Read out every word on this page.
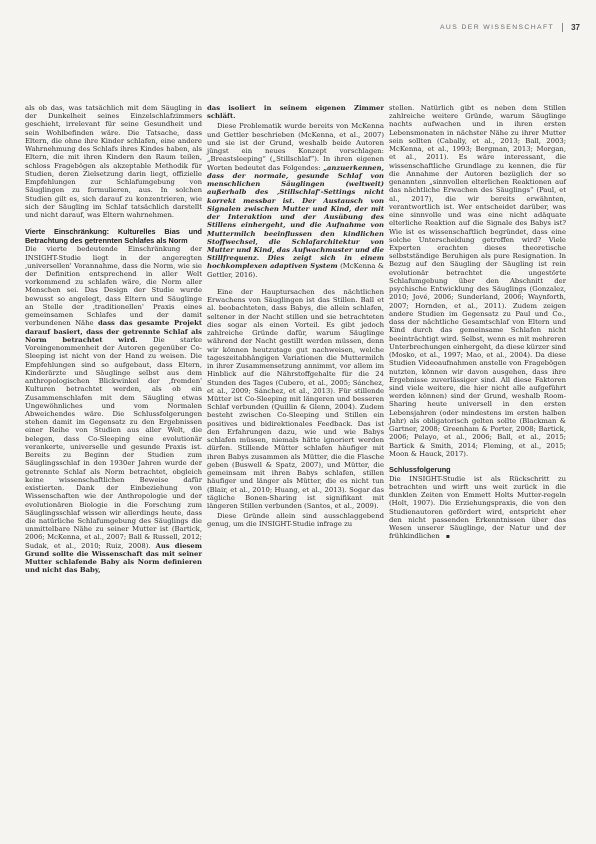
AUS DER WISSENSCHAFT 37

als ob das, was tatsächlich mit dem Säugling in der Dunkelheit seines Einzelschlafzimmers geschieht, irrelevant für seine Gesundheit und sein Wohlbefinden wäre. Die Tatsache, dass Eltern, die ohne ihre Kinder schlafen, eine andere Wahrnehmung des Schlafs ihres Kindes haben, als Eltern, die mit ihren Kindern den Raum teilen, schloss Fragebögen als akzeptable Methodik für Studien, deren Zielsetzung darin liegt, offizielle Empfehlungen zur Schlafumgebung von Säuglingen zu formulieren, aus. In solchen Studien gilt es, sich darauf zu konzentrieren, wie sich der Säugling im Schlaf tatsächlich darstellt und nicht darauf, was Eltern wahrnehmen.

Vierte Einschränkung: Kulturelles Bias und Betrachtung des getrennten Schlafes als Norm

Die vierte bedeutende Einschränkung der INSIGHT-Studie liegt in der angeregten ‚universellen' Vorannahme, dass die Norm, wie sie der Definition entsprechend in aller Welt vorkommend zu schlafen wäre, die Norm aller Menschen sei. Das Design der Studie wurde bewusst so angelegt, dass Eltern und Säuglinge an Stelle der ‚traditionellen' Praxis eines gemeinsamen Schlafes und der damit verbundenen Nähe dass das gesamte Projekt darauf basiert, dass der getrennte Schlaf als Norm betrachtet wird. Die starke Voreingenommenheit der Autoren gegenüber Co-Sleeping ist nicht von der Hand zu weisen. Die Empfehlungen sind so aufgebaut, dass Eltern, Kinderärzte und Säuglinge selbst aus dem anthropologischen Blickwinkel der ‚fremden' Kulturen betrachtet werden, als ob ein Zusammenschlafen mit dem Säugling etwas Ungewöhnliches und vom Normalen Abweichendes wäre. Die Schlussfolgerungen stehen damit im Gegensatz zu den Ergebnissen einer Reihe von Studien aus aller Welt, die belegen, dass Co-Sleeping eine evolutionär verankerte, universelle und gesunde Praxis ist. Bereits zu Beginn der Studien zum Säuglingsschlaf in den 1930er Jahren wurde der getrennte Schlaf als Norm betrachtet, obgleich keine wissenschaftlichen Beweise dafür existierten. Dank der Einbeziehung von Wissenschaften wie der Anthropologie und der evolutionären Biologie in die Forschung zum Säuglingsschlaf wissen wir allerdings heute, dass die natürliche Schlafumgebung des Säuglings die unmittelbare Nähe zu seiner Mutter ist (Bartick, 2006; McKenna, et al., 2007; Ball & Russell, 2012; Sudak, et al., 2010; Ruiz, 2008). Aus diesem Grund sollte die Wissenschaft das mit seiner Mutter schlafende Baby als Norm definieren und nicht das Baby,

das isoliert in seinem eigenen Zimmer schläft.

Diese Problematik wurde bereits von McKenna und Gettler beschrieben (McKenna, et al., 2007) und sie ist der Grund, weshalb beide Autoren jüngst ein neues Konzept vorschlagen: „Breastsleeping“ („Stillschlaf“). In ihren eigenen Worten bedeutet das Folgendes: „anzuerkennen, dass der normale, gesunde Schlaf von menschlichen Säuglingen (weltweit) außerhalb des ‚Stillschlaf‘-Settings nicht korrekt messbar ist. Der Austausch von Signalen zwischen Mutter und Kind, der mit der Interaktion und der Ausübung des Stillens einhergeht, und die Aufnahme von Muttermilch beeinflussen den kindlichen Stoffwechsel, die Schlafarchitektur von Mutter und Kind, das Aufwachmuster und die Stillfrequenz. Dies zeigt sich in einem hochkomplexen adaptiven System (McKenna & Gettler, 2016).

Eine der Hauptursachen des nächtlichen Erwachens von Säuglingen ist das Stillen. Ball et al. beobachteten, dass Babys, die allein schlafen, seltener in der Nacht stillen und sie betrachteten dies sogar als einen Vorteil. Es gibt jedoch zahlreiche Gründe dafür, warum Säuglinge während der Nacht gestillt werden müssen, denn wir können heutzutage gut nachweisen, welche tageszeitabhängigen Variationen die Muttermilch in ihrer Zusammensetzung annimmt, vor allem im Hinblick auf die Nährstoffgehalte für die 24 Stunden des Tages (Cubero, et al., 2005; Sánchez, et al., 2009; Sánchez, et al., 2013). Für stillende Mütter ist Co-Sleeping mit längeren und besseren Schlaf verbunden (Quillin & Glenn, 2004). Zudem besteht zwischen Co-Sleeping und Stillen ein positives und bidirektionales Feedback. Das ist den Erfahrungen dazu, wie und wie Babys schlafen müssen, niemals hätte ignoriert werden dürfen. Stillende Mütter schlafen häufiger mit ihren Babys zusammen als Mütter, die die Flasche geben (Buswell & Spatz, 2007), und Mütter, die gemeinsam mit ihren Babys schlafen, stillen häufiger und länger als Mütter, die es nicht tun (Blair, et al., 2010; Huang, et al., 2013). Sogar das tägliche Bonen-Sharing ist signifikant mit längeren Stillen verbunden (Santos, et al., 2009).

Diese Gründe allein sind ausschlaggebend genug, um die INSIGHT-Studie infrage zu

stellen. Natürlich gibt es neben dem Stillen zahlreiche weitere Gründe, warum Säuglinge nachts aufwachen und in ihren ersten Lebensmonaten in nächster Nähe zu ihrer Mutter sein sollten (Cabally, et al., 2013; Ball, 2003; McKenna, et al., 1993; Bergman, 2013; Morgan, et al., 2011). Es wäre interessant, die wissenschaftliche Grundlage zu kennen, die für die Annahme der Autoren bezüglich der so genannten „sinnvollen elterlichen Reaktionen auf das nächtliche Erwachen des Säuglings“ (Paul, et al., 2017), die wir bereits erwähnten, verantwortlich ist. Wer entscheidet darüber, was eine sinnvolle und was eine nicht adäquate elterliche Reaktion auf die Signale des Babys ist? Wie ist es wissenschaftlich begründet, dass eine solche Unterscheidung getroffen wird? Viele Experten erachten dieses theoretische selbstständige Beruhigen als pure Resignation. In Bezug auf den Säugling der Säugling ist rein evolutionär betrachtet die ungestörte Schlafumgebung über den Abschnitt der psychische Entwicklung des Säuglings (Gonzalez, 2010; Jové, 2006; Sunderland, 2006; Waynforth, 2007; Hornden, et al., 2011). Zudem zeigen andere Studien im Gegensatz zu Paul und Co., dass der nächtliche Gesamtschlaf von Eltern und Kind durch das gemeinsame Schlafen nicht beeinträchtigt wird. Selbst, wenn es mit mehreren Unterbrechungen einhergeht, da diese kürzer sind (Mosko, et al., 1997; Mao, et al., 2004). Da diese Studien Videoaufnahmen anstelle von Fragebögen nutzten, können wir davon ausgehen, dass ihre Ergebnisse zuverlässiger sind. All diese Faktoren sind viele weitere, die hier nicht alle aufgeführt werden können) sind der Grund, weshalb Room-Sharing heute universell in den ersten Lebensjahren (oder mindestens im ersten halben Jahr) als obligatorisch gelten sollte (Blackman & Gartner, 2008; Greenham & Porter, 2008; Bartick, 2006; Pelayo, et al., 2006; Ball, et al., 2015; Bartick & Smith, 2014; Fleming, et al., 2015; Moon & Hauck, 2017).

Schlussfolgerung

Die INSIGHT-Studie ist als Rückschritt zu betrachten und wirft uns weit zurück in die dunklen Zeiten von Emmett Holts Mutter-regeln (Holt, 1907). Die Erziehungspraxis, die von den Studienautoren gefördert wird, entspricht eher den nicht passenden Erkenntnissen über das Wesen unserer Säuglinge, der Natur und der frühkindlichen ▪
